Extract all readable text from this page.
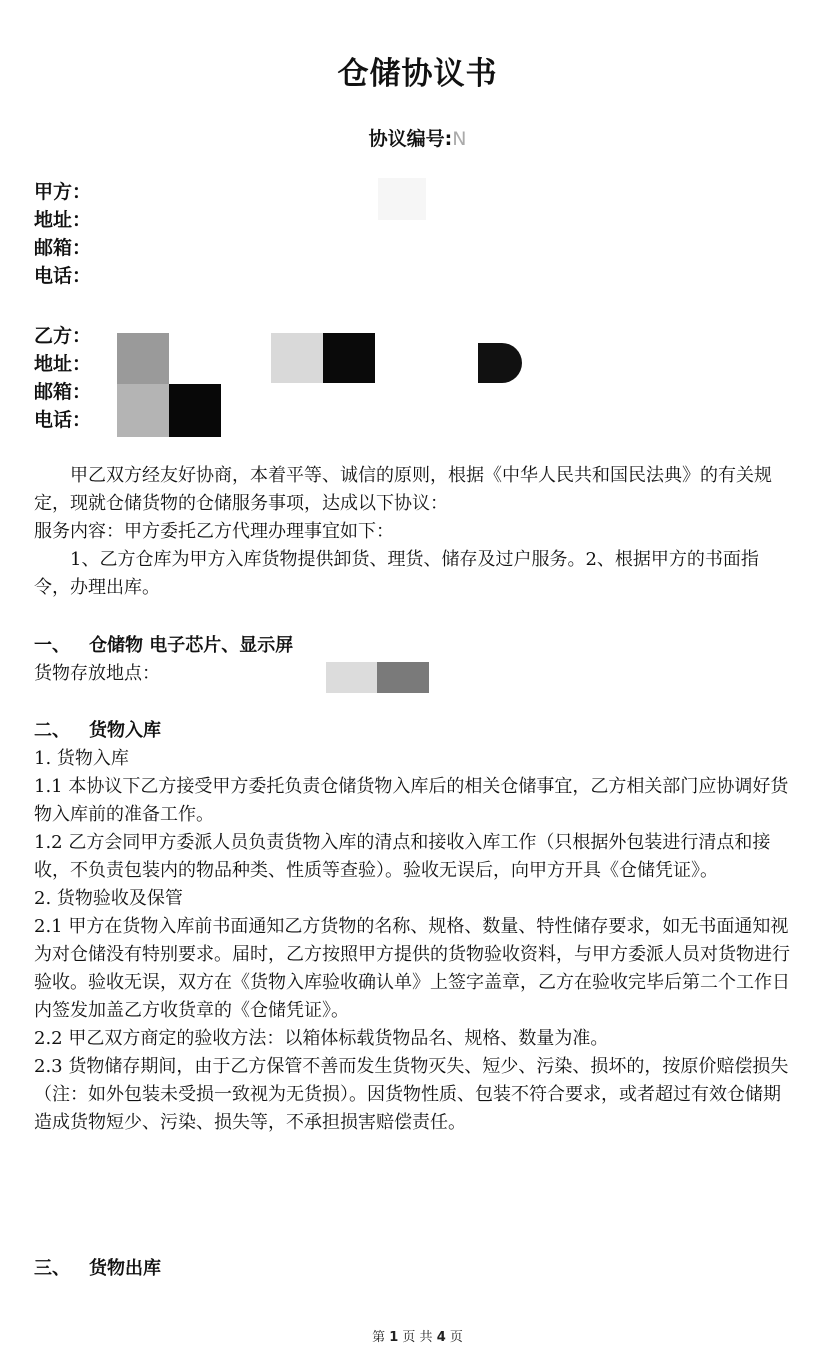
仓储协议书
协议编号:N
甲方：
地址：
邮箱：
电话：
乙方：
地址：
邮箱：
电话：
甲乙双方经友好协商，本着平等、诚信的原则，根据《中华人民共和国民法典》的有关规定，现就仓储货物的仓储服务事项，达成以下协议：
服务内容：甲方委托乙方代理办理事宜如下：
1、乙方仓库为甲方入库货物提供卸货、理货、储存及过户服务。2、根据甲方的书面指令，办理出库。
一、 仓储物 电子芯片、显示屏
货物存放地点：
二、 货物入库
1. 货物入库
1.1 本协议下乙方接受甲方委托负责仓储货物入库后的相关仓储事宜，乙方相关部门应协调好货物入库前的准备工作。
1.2 乙方会同甲方委派人员负责货物入库的清点和接收入库工作（只根据外包装进行清点和接收，不负责包装内的物品种类、性质等查验）。验收无误后，向甲方开具《仓储凭证》。
2. 货物验收及保管
2.1 甲方在货物入库前书面通知乙方货物的名称、规格、数量、特性储存要求，如无书面通知视为对仓储没有特别要求。届时，乙方按照甲方提供的货物验收资料，与甲方委派人员对货物进行验收。验收无误，双方在《货物入库验收确认单》上签字盖章，乙方在验收完毕后第二个工作日内签发加盖乙方收货章的《仓储凭证》。
2.2 甲乙双方商定的验收方法：以箱体标载货物品名、规格、数量为准。
2.3 货物储存期间，由于乙方保管不善而发生货物灭失、短少、污染、损坏的，按原价赔偿损失（注：如外包装未受损一致视为无货损）。因货物性质、包装不符合要求，或者超过有效仓储期造成货物短少、污染、损失等，不承担损害赔偿责任。
三、 货物出库
第 1 页 共 4 页
